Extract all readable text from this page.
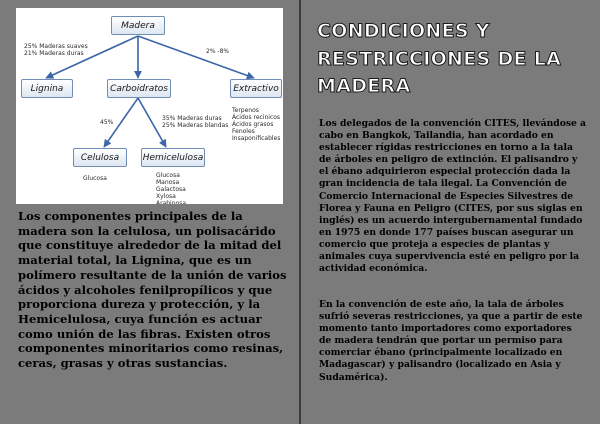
Madera
25% Maderas suaves
21% Maderas duras	2% -8%
Lignina	Carboidratos	Extractivo
Terpenos
Ácidos recinicos
Ácidos grasos
Fenoles
Insaponificables
45%
35% Maderas duras
25% Maderas blandas
Celulosa	Hemicelulosa
Glucosa	Glucosa
Manosa
Galactosa
Xylosa
Arabinosa
Los componentes principales de la madera son la celulosa, un polisacárido que constituye alrededor de la mitad del material total, la Lignina, que es un polímero resultante de la unión de varios ácidos y alcoholes fenilpropílicos y que proporciona dureza y protección, y la Hemicelulosa, cuya función es actuar como unión de las fibras. Existen otros componentes minoritarios como resinas, ceras, grasas y otras sustancias.
CONDICIONES Y RESTRICCIONES DE LA MADERA
Los delegados de la convención CITES, llevándose a cabo en Bangkok, Tailandia, han acordado en establecer rígidas restricciones en torno a la tala de árboles en peligro de extinción. El palisandro y el ébano adquirieron especial protección dada la gran incidencia de tala ilegal. La Convención de Comercio Internacional de Especies Silvestres de Florea y Fauna en Peligro (CITES, por sus siglas en inglés) es un acuerdo intergubernamental fundado en 1975 en donde 177 países buscan asegurar un comercio que proteja a especies de plantas y animales cuya supervivencia esté en peligro por la actividad económica.
En la convención de este año, la tala de árboles sufrió severas restricciones, ya que a partir de este momento tanto importadores como exportadores de madera tendrán que portar un permiso para comerciar ébano (principalmente localizado en Madagascar) y palisandro (localizado en Asia y Sudamérica).
